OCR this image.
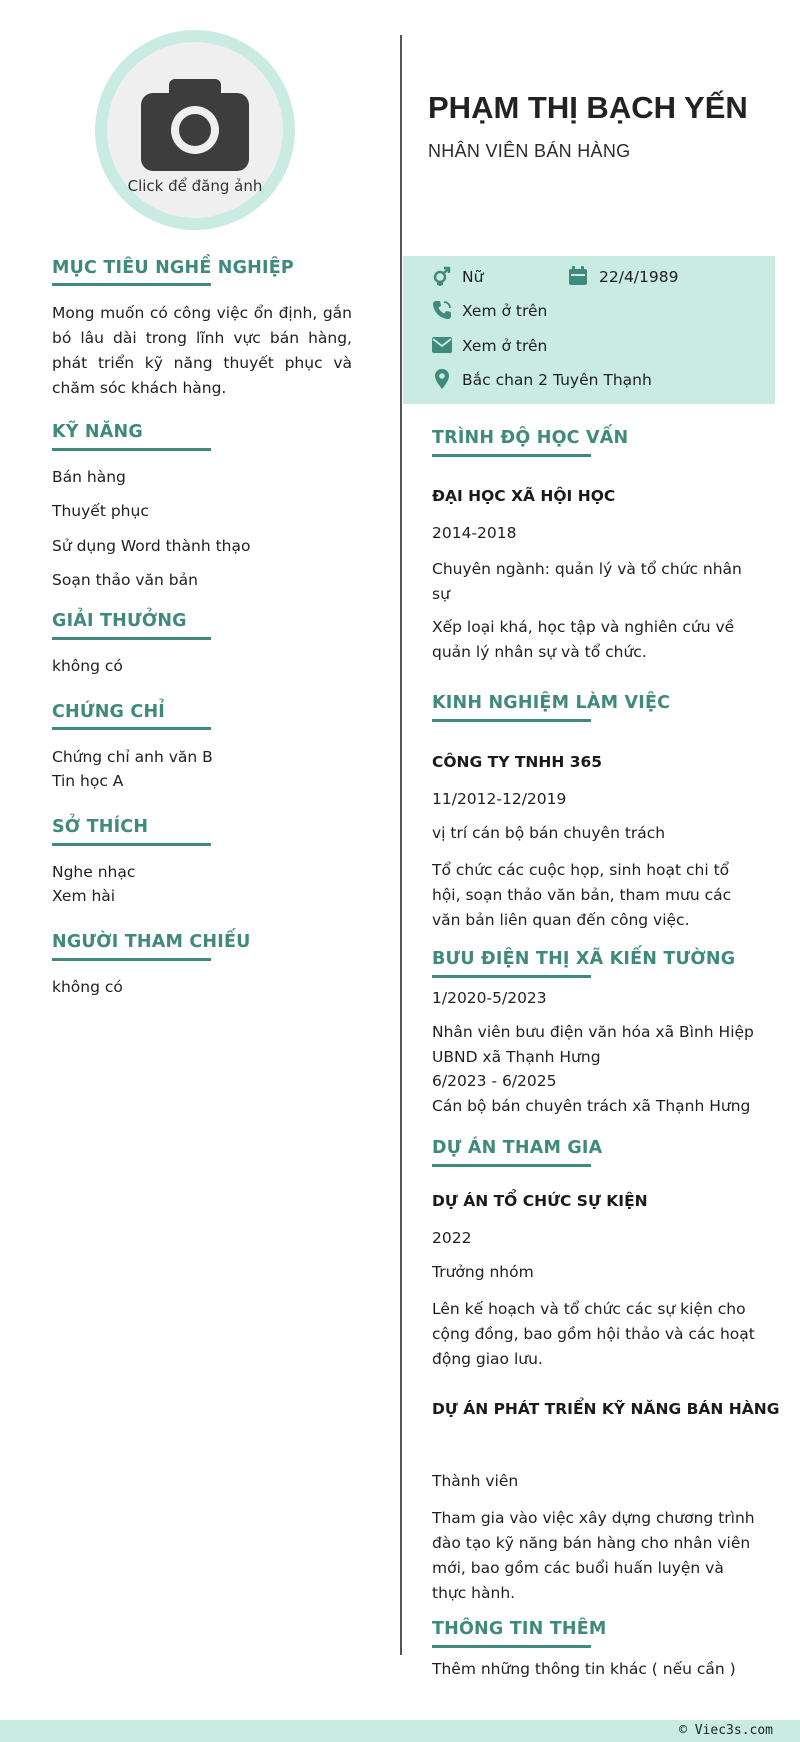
Click để đăng ảnh
MỤC TIÊU NGHỀ NGHIỆP
Mong muốn có công việc ổn định, gắn bó lâu dài trong lĩnh vực bán hàng, phát triển kỹ năng thuyết phục và chăm sóc khách hàng.
KỸ NĂNG
Bán hàng
Thuyết phục
Sử dụng Word thành thạo
Soạn thảo văn bản
GIẢI THƯỞNG
không có
CHỨNG CHỈ
Chứng chỉ anh văn B
Tin học A
SỞ THÍCH
Nghe nhạc
Xem hài
NGƯỜI THAM CHIẾU
không có
PHẠM THỊ BẠCH YẾN
NHÂN VIÊN BÁN HÀNG
Nữ	22/4/1989
Xem ở trên
Xem ở trên
Bắc chan 2 Tuyên Thạnh
TRÌNH ĐỘ HỌC VẤN
ĐẠI HỌC XÃ HỘI HỌC
2014-2018
Chuyên ngành: quản lý và tổ chức nhân sự
Xếp loại khá, học tập và nghiên cứu về quản lý nhân sự và tổ chức.
KINH NGHIỆM LÀM VIỆC
CÔNG TY TNHH 365
11/2012-12/2019
vị trí cán bộ bán chuyên trách
Tổ chức các cuộc họp, sinh hoạt chi tổ hội, soạn thảo văn bản, tham mưu các văn bản liên quan đến công việc.
BƯU ĐIỆN THỊ XÃ KIẾN TƯỜNG
1/2020-5/2023
Nhân viên bưu điện văn hóa xã Bình Hiệp
UBND xã Thạnh Hưng
6/2023 - 6/2025
Cán bộ bán chuyên trách xã Thạnh Hưng
DỰ ÁN THAM GIA
DỰ ÁN TỔ CHỨC SỰ KIỆN
2022
Trưởng nhóm
Lên kế hoạch và tổ chức các sự kiện cho cộng đồng, bao gồm hội thảo và các hoạt động giao lưu.
DỰ ÁN PHÁT TRIỂN KỸ NĂNG BÁN HÀNG
Thành viên
Tham gia vào việc xây dựng chương trình đào tạo kỹ năng bán hàng cho nhân viên mới, bao gồm các buổi huấn luyện và thực hành.
THÔNG TIN THÊM
Thêm những thông tin khác ( nếu cần )
© Viec3s.com
